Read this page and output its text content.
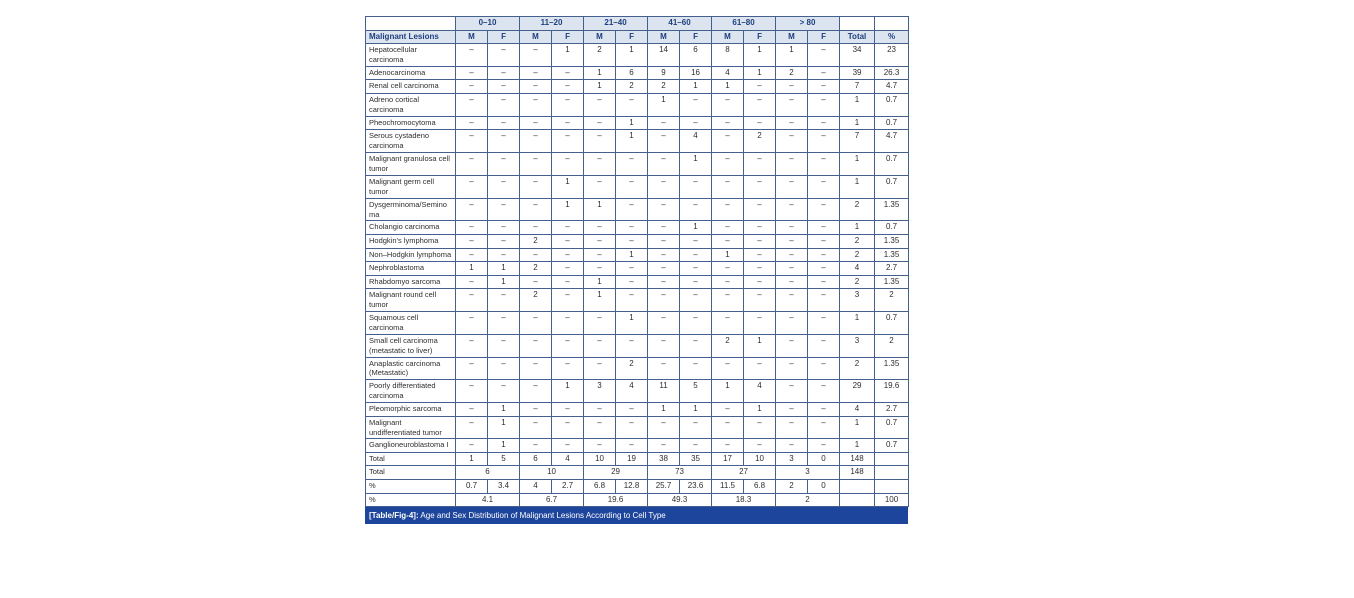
	0–10		11–20		21–40		41–60		61–80		> 80			
Malignant Lesions	M	F	M	F	M	F	M	F	M	F	M	F	Total	%
Hepatocellular carcinoma	–	–	–	1	2	1	14	6	8	1	1	–	34	23
Adenocarcinoma	–	–	–	–	1	6	9	16	4	1	2	–	39	26.3
Renal cell carcinoma	–	–	–	–	1	2	2	1	1	–	–	–	7	4.7
Adreno cortical carcinoma	–	–	–	–	–	–	1	–	–	–	–	–	1	0.7
Pheochromocytoma	–	–	–	–	–	1	–	–	–	–	–	–	1	0.7
Serous cystadeno carcinoma	–	–	–	–	–	1	–	4	–	2	–	–	7	4.7
Malignant granulosa cell tumor	–	–	–	–	–	–	–	1	–	–	–	–	1	0.7
Malignant germ cell tumor	–	–	–	1	–	–	–	–	–	–	–	–	1	0.7
Dysgerminoma/Seminoma	–	–	–	1	1	–	–	–	–	–	–	–	2	1.35
Cholangio carcinoma	–	–	–	–	–	–	–	1	–	–	–	–	1	0.7
Hodgkin's lymphoma	–	–	2	–	–	–	–	–	–	–	–	–	2	1.35
Non–Hodgkin lymphoma	–	–	–	–	–	1	–	–	1	–	–	–	2	1.35
Nephroblastoma	1	1	2	–	–	–	–	–	–	–	–	–	4	2.7
Rhabdomyo sarcoma	–	1	–	–	1	–	–	–	–	–	–	–	2	1.35
Malignant round cell tumor	–	–	2	–	1	–	–	–	–	–	–	–	3	2
Squamous cell carcinoma	–	–	–	–	–	1	–	–	–	–	–	–	1	0.7
Small cell carcinoma (metastatic to liver)	–	–	–	–	–	–	–	–	2	1	–	–	3	2
Anaplastic carcinoma (Metastatic)	–	–	–	–	–	2	–	–	–	–	–	–	2	1.35
Poorly differentiated carcinoma	–	–	–	1	3	4	11	5	1	4	–	–	29	19.6
Pleomorphic sarcoma	–	1	–	–	–	–	1	1	–	1	–	–	4	2.7
Malignant undifferentiated tumor	–	1	–	–	–	–	–	–	–	–	–	–	1	0.7
Ganglioneuroblastoma I	–	1	–	–	–	–	–	–	–	–	–	–	1	0.7
Total	1	5	6	4	10	19	38	35	17	10	3	0	148	
Total	6		10		29		73		27		3		148	
%	0.7	3.4	4	2.7	6.8	12.8	25.7	23.6	11.5	6.8	2	0		
%	4.1		6.7		19.6		49.3		18.3		2			100
[Table/Fig-4]: Age and Sex Distribution of Malignant Lesions According to Cell Type
